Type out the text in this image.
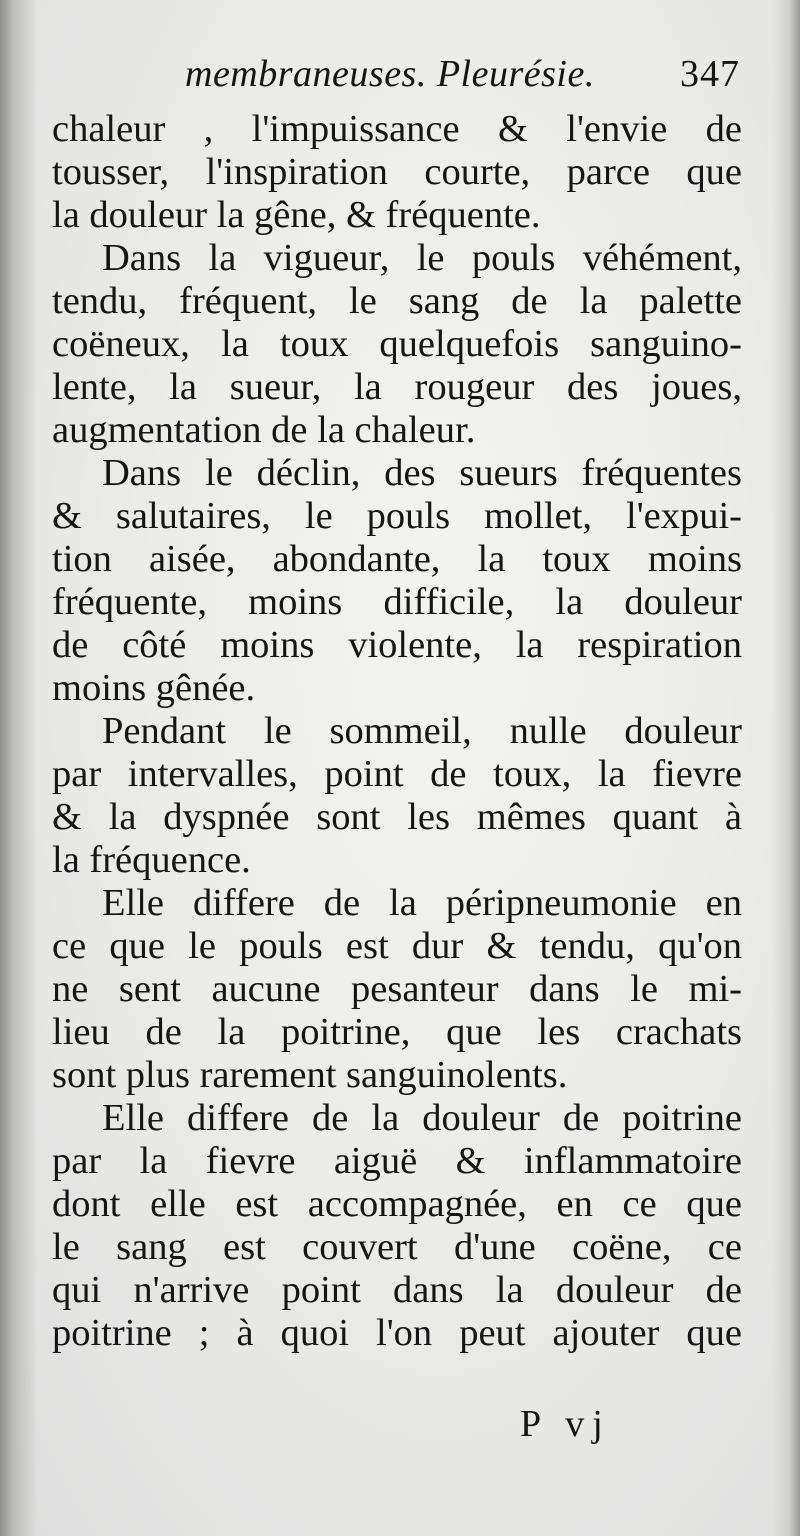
membraneuses. Pleurésie. 347
chaleur , l'impuissance & l'envie de
tousser, l'inspiration courte, parce que
la douleur la gêne, & fréquente.
Dans la vigueur, le pouls véhément,
tendu, fréquent, le sang de la palette
coëneux, la toux quelquefois sanguino-
lente, la sueur, la rougeur des joues,
augmentation de la chaleur.
Dans le déclin, des sueurs fréquentes
& salutaires, le pouls mollet, l'expui-
tion aisée, abondante, la toux moins
fréquente, moins difficile, la douleur
de côté moins violente, la respiration
moins gênée.
Pendant le sommeil, nulle douleur
par intervalles, point de toux, la fievre
& la dyspnée sont les mêmes quant à
la fréquence.
Elle differe de la péripneumonie en
ce que le pouls est dur & tendu, qu'on
ne sent aucune pesanteur dans le mi-
lieu de la poitrine, que les crachats
sont plus rarement sanguinolents.
Elle differe de la douleur de poitrine
par la fievre aiguë & inflammatoire
dont elle est accompagnée, en ce que
le sang est couvert d'une coëne, ce
qui n'arrive point dans la douleur de
poitrine ; à quoi l'on peut ajouter que
P vj
